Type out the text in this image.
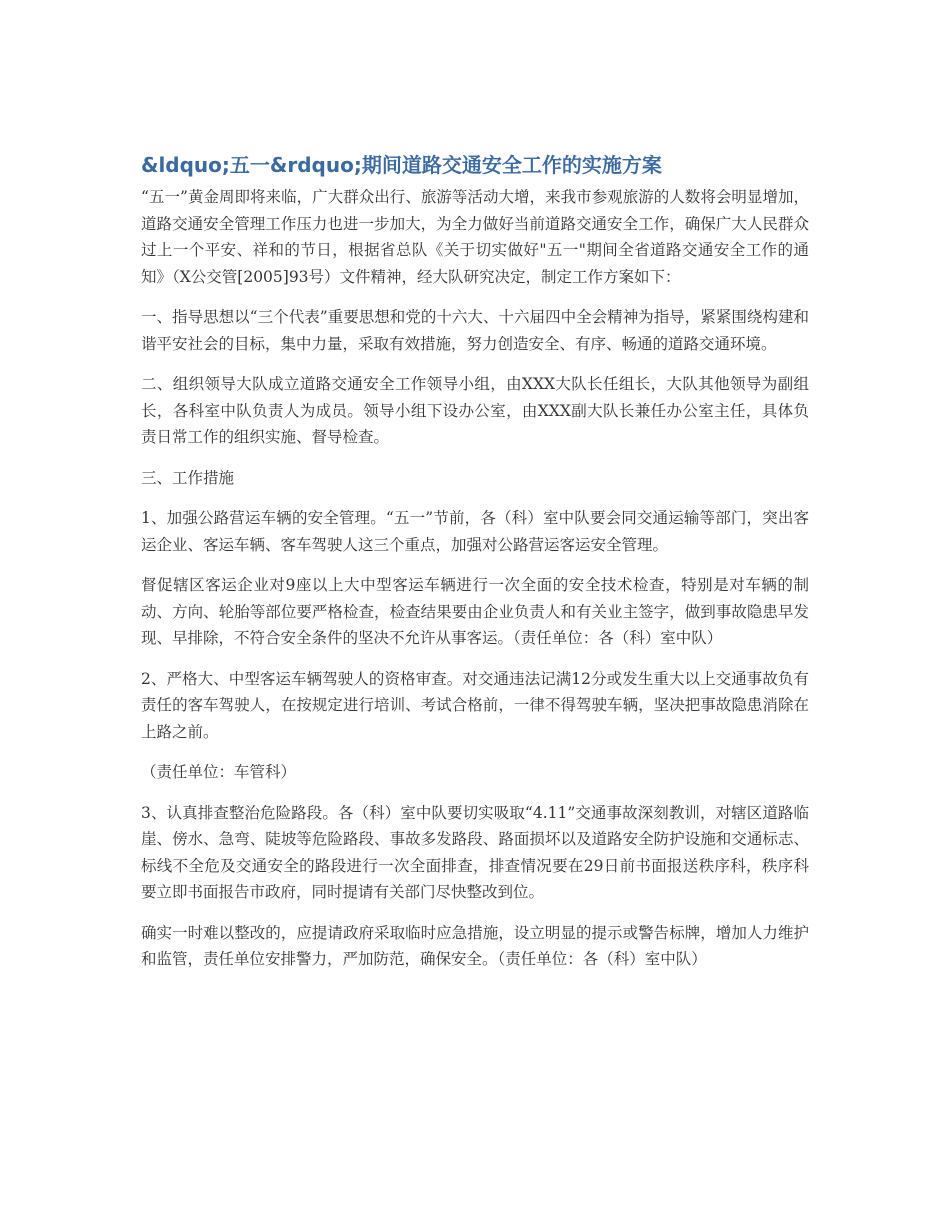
&ldquo;五一&rdquo;期间道路交通安全工作的实施方案

“五一”黄金周即将来临，广大群众出行、旅游等活动大增，来我市参观旅游的人数将会明显增加，道路交通安全管理工作压力也进一步加大，为全力做好当前道路交通安全工作，确保广大人民群众过上一个平安、祥和的节日，根据省总队《关于切实做好"五一"期间全省道路交通安全工作的通知》（X公交管[2005]93号）文件精神，经大队研究决定，制定工作方案如下：

一、指导思想以“三个代表”重要思想和党的十六大、十六届四中全会精神为指导，紧紧围绕构建和谐平安社会的目标，集中力量，采取有效措施，努力创造安全、有序、畅通的道路交通环境。

二、组织领导大队成立道路交通安全工作领导小组，由XXX大队长任组长，大队其他领导为副组长，各科室中队负责人为成员。领导小组下设办公室，由XXX副大队长兼任办公室主任，具体负责日常工作的组织实施、督导检查。

三、工作措施

1、加强公路营运车辆的安全管理。“五一”节前，各（科）室中队要会同交通运输等部门，突出客运企业、客运车辆、客车驾驶人这三个重点，加强对公路营运客运安全管理。

督促辖区客运企业对9座以上大中型客运车辆进行一次全面的安全技术检查，特别是对车辆的制动、方向、轮胎等部位要严格检查，检查结果要由企业负责人和有关业主签字，做到事故隐患早发现、早排除，不符合安全条件的坚决不允许从事客运。（责任单位：各（科）室中队）

2、严格大、中型客运车辆驾驶人的资格审查。对交通违法记满12分或发生重大以上交通事故负有责任的客车驾驶人，在按规定进行培训、考试合格前，一律不得驾驶车辆，坚决把事故隐患消除在上路之前。

（责任单位：车管科）

3、认真排查整治危险路段。各（科）室中队要切实吸取“4.11”交通事故深刻教训，对辖区道路临崖、傍水、急弯、陡坡等危险路段、事故多发路段、路面损坏以及道路安全防护设施和交通标志、标线不全危及交通安全的路段进行一次全面排查，排查情况要在29日前书面报送秩序科，秩序科要立即书面报告市政府，同时提请有关部门尽快整改到位。

确实一时难以整改的，应提请政府采取临时应急措施，设立明显的提示或警告标牌，增加人力维护和监管，责任单位安排警力，严加防范，确保安全。（责任单位：各（科）室中队）
